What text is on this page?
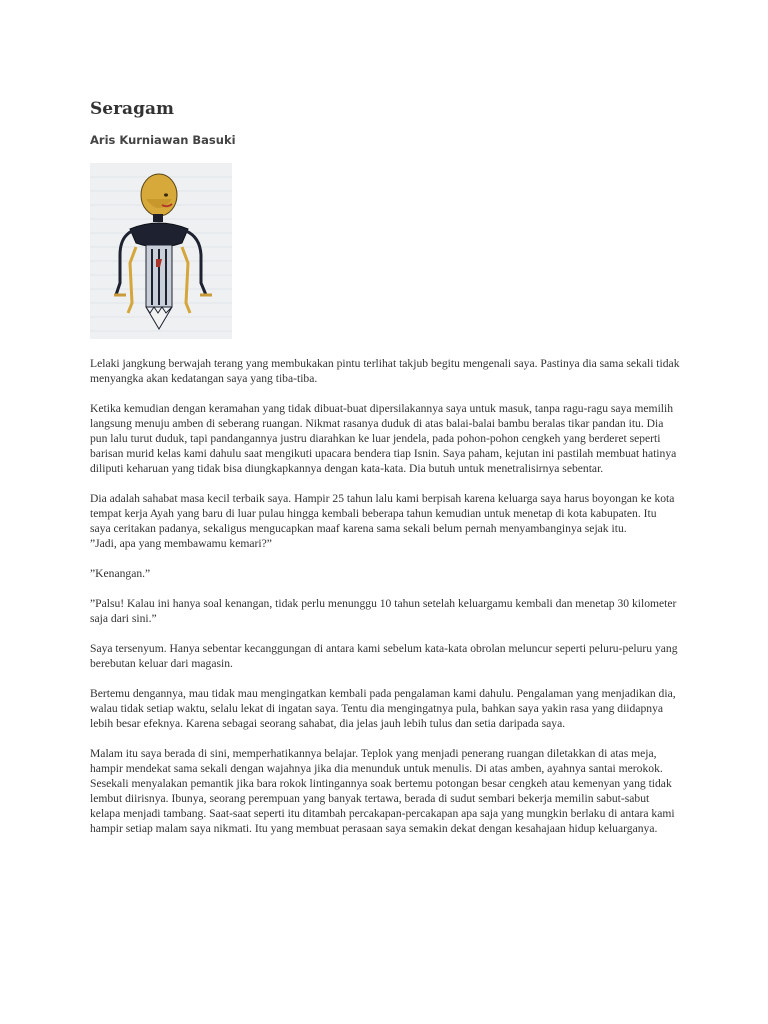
Seragam
Aris Kurniawan Basuki

Lelaki jangkung berwajah terang yang membukakan pintu terlihat takjub begitu mengenali saya. Pastinya dia sama sekali tidak menyangka akan kedatangan saya yang tiba-tiba.

Ketika kemudian dengan keramahan yang tidak dibuat-buat dipersilakannya saya untuk masuk, tanpa ragu-ragu saya memilih langsung menuju amben di seberang ruangan. Nikmat rasanya duduk di atas balai-balai bambu beralas tikar pandan itu. Dia pun lalu turut duduk, tapi pandangannya justru diarahkan ke luar jendela, pada pohon-pohon cengkeh yang berderet seperti barisan murid kelas kami dahulu saat mengikuti upacara bendera tiap Isnin. Saya paham, kejutan ini pastilah membuat hatinya diliputi keharuan yang tidak bisa diungkapkannya dengan kata-kata. Dia butuh untuk menetralisirnya sebentar.

Dia adalah sahabat masa kecil terbaik saya. Hampir 25 tahun lalu kami berpisah karena keluarga saya harus boyongan ke kota tempat kerja Ayah yang baru di luar pulau hingga kembali beberapa tahun kemudian untuk menetap di kota kabupaten. Itu saya ceritakan padanya, sekaligus mengucapkan maaf karena sama sekali belum pernah menyambanginya sejak itu.

”Jadi, apa yang membawamu kemari?”

”Kenangan.”

”Palsu! Kalau ini hanya soal kenangan, tidak perlu menunggu 10 tahun setelah keluargamu kembali dan menetap 30 kilometer saja dari sini.”

Saya tersenyum. Hanya sebentar kecanggungan di antara kami sebelum kata-kata obrolan meluncur seperti peluru-peluru yang berebutan keluar dari magasin.

Bertemu dengannya, mau tidak mau mengingatkan kembali pada pengalaman kami dahulu. Pengalaman yang menjadikan dia, walau tidak setiap waktu, selalu lekat di ingatan saya. Tentu dia mengingatnya pula, bahkan saya yakin rasa yang diidapnya lebih besar efeknya. Karena sebagai seorang sahabat, dia jelas jauh lebih tulus dan setia daripada saya.

Malam itu saya berada di sini, memperhatikannya belajar. Teplok yang menjadi penerang ruangan diletakkan di atas meja, hampir mendekat sama sekali dengan wajahnya jika dia menunduk untuk menulis. Di atas amben, ayahnya santai merokok. Sesekali menyalakan pemantik jika bara rokok lintingannya soak bertemu potongan besar cengkeh atau kemenyan yang tidak lembut diirisnya. Ibunya, seorang perempuan yang banyak tertawa, berada di sudut sembari bekerja memilin sabut-sabut kelapa menjadi tambang. Saat-saat seperti itu ditambah percakapan-percakapan apa saja yang mungkin berlaku di antara kami hampir setiap malam saya nikmati. Itu yang membuat perasaan saya semakin dekat dengan kesahajaan hidup keluarganya.
